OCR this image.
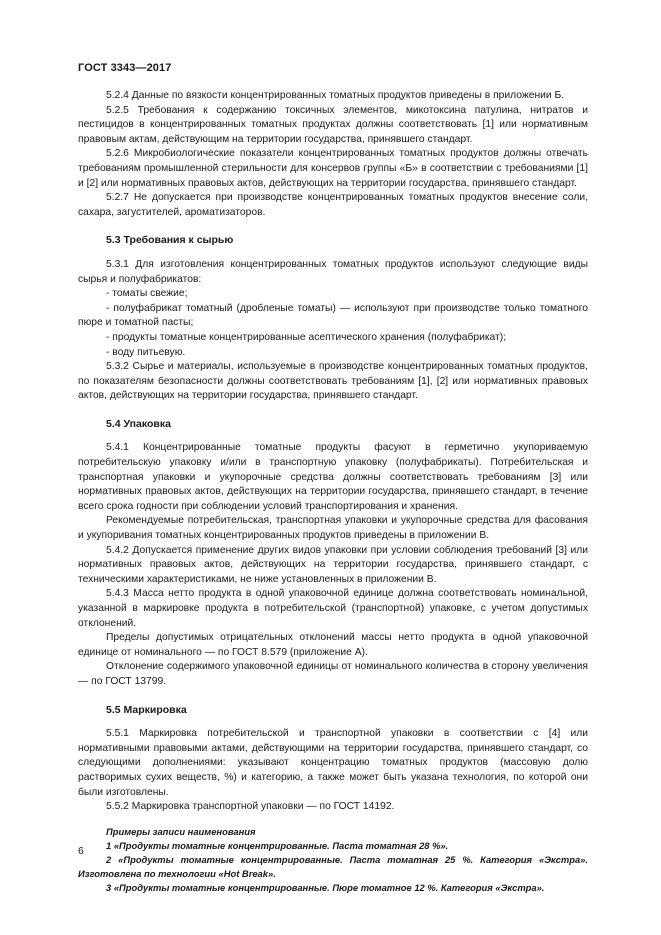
ГОСТ 3343—2017

5.2.4 Данные по вязкости концентрированных томатных продуктов приведены в приложении Б.

5.2.5 Требования к содержанию токсичных элементов, микотоксина патулина, нитратов и пестицидов в концентрированных томатных продуктах должны соответствовать [1] или нормативным правовым актам, действующим на территории государства, принявшего стандарт.

5.2.6 Микробиологические показатели концентрированных томатных продуктов должны отвечать требованиям промышленной стерильности для консервов группы «Б» в соответствии с требованиями [1] и [2] или нормативных правовых актов, действующих на территории государства, принявшего стандарт.

5.2.7 Не допускается при производстве концентрированных томатных продуктов внесение соли, сахара, загустителей, ароматизаторов.

5.3 Требования к сырью

5.3.1 Для изготовления концентрированных томатных продуктов используют следующие виды сырья и полуфабрикатов:

- томаты свежие;

- полуфабрикат томатный (дробленые томаты) — используют при производстве только томатного пюре и томатной пасты;

- продукты томатные концентрированные асептического хранения (полуфабрикат);

- воду питьевую.

5.3.2 Сырье и материалы, используемые в производстве концентрированных томатных продуктов, по показателям безопасности должны соответствовать требованиям [1], [2] или нормативных правовых актов, действующих на территории государства, принявшего стандарт.

5.4 Упаковка

5.4.1 Концентрированные томатные продукты фасуют в герметично укупориваемую потребительскую упаковку и/или в транспортную упаковку (полуфабрикаты). Потребительская и транспортная упаковки и укупорочные средства должны соответствовать требованиям [3] или нормативных правовых актов, действующих на территории государства, принявшего стандарт, в течение всего срока годности при соблюдении условий транспортирования и хранения.

Рекомендуемые потребительская, транспортная упаковки и укупорочные средства для фасования и укупоривания томатных концентрированных продуктов приведены в приложении В.

5.4.2 Допускается применение других видов упаковки при условии соблюдения требований [3] или нормативных правовых актов, действующих на территории государства, принявшего стандарт, с техническими характеристиками, не ниже установленных в приложении В.

5.4.3 Масса нетто продукта в одной упаковочной единице должна соответствовать номинальной, указанной в маркировке продукта в потребительской (транспортной) упаковке, с учетом допустимых отклонений.

Пределы допустимых отрицательных отклонений массы нетто продукта в одной упаковочной единице от номинального — по ГОСТ 8.579 (приложение А).

Отклонение содержимого упаковочной единицы от номинального количества в сторону увеличения — по ГОСТ 13799.

5.5 Маркировка

5.5.1 Маркировка потребительской и транспортной упаковки в соответствии с [4] или нормативными правовыми актами, действующими на территории государства, принявшего стандарт, со следующими дополнениями: указывают концентрацию томатных продуктов (массовую долю растворимых сухих веществ, %) и категорию, а также может быть указана технология, по которой они были изготовлены.

5.5.2 Маркировка транспортной упаковки — по ГОСТ 14192.

Примеры записи наименования

1 «Продукты томатные концентрированные. Паста томатная 28 %».

2 «Продукты томатные концентрированные. Паста томатная 25 %. Категория «Экстра». Изготовлена по технологии «Hot Break».

3 «Продукты томатные концентрированные. Пюре томатное 12 %. Категория «Экстра».

6
